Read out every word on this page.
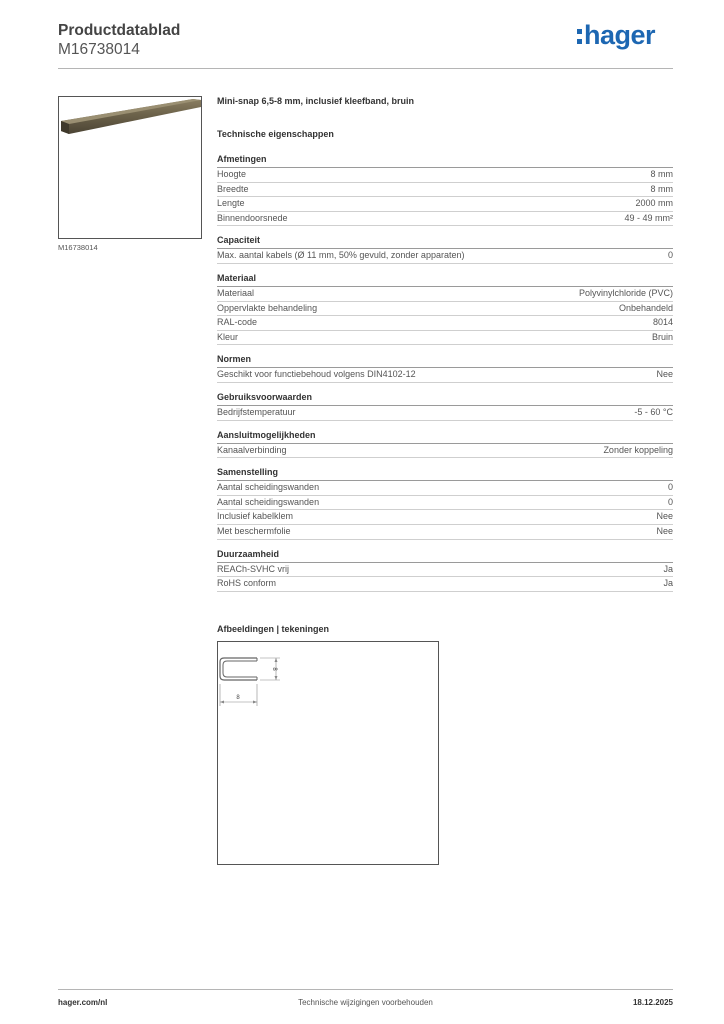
Productdatablad
M16738014	hager
M16738014
Mini-snap 6,5-8 mm, inclusief kleefband, bruin
Technische eigenschappen
Afmetingen
Hoogte	8 mm
Breedte	8 mm
Lengte	2000 mm
Binnendoorsnede	49 - 49 mm²
Capaciteit
Max. aantal kabels (Ø 11 mm, 50% gevuld, zonder apparaten)	0
Materiaal
Materiaal	Polyvinylchloride (PVC)
Oppervlakte behandeling	Onbehandeld
RAL-code	8014
Kleur	Bruin
Normen
Geschikt voor functiebehoud volgens DIN4102-12	Nee
Gebruiksvoorwaarden
Bedrijfstemperatuur	-5 - 60 °C
Aansluitmogelijkheden
Kanaalverbinding	Zonder koppeling
Samenstelling
Aantal scheidingswanden	0
Aantal scheidingswanden	0
Inclusief kabelklem	Nee
Met beschermfolie	Nee
Duurzaamheid
REACh-SVHC vrij	Ja
RoHS conform	Ja
Afbeeldingen | tekeningen
8
8
hager.com/nl	Technische wijzigingen voorbehouden	18.12.2025
